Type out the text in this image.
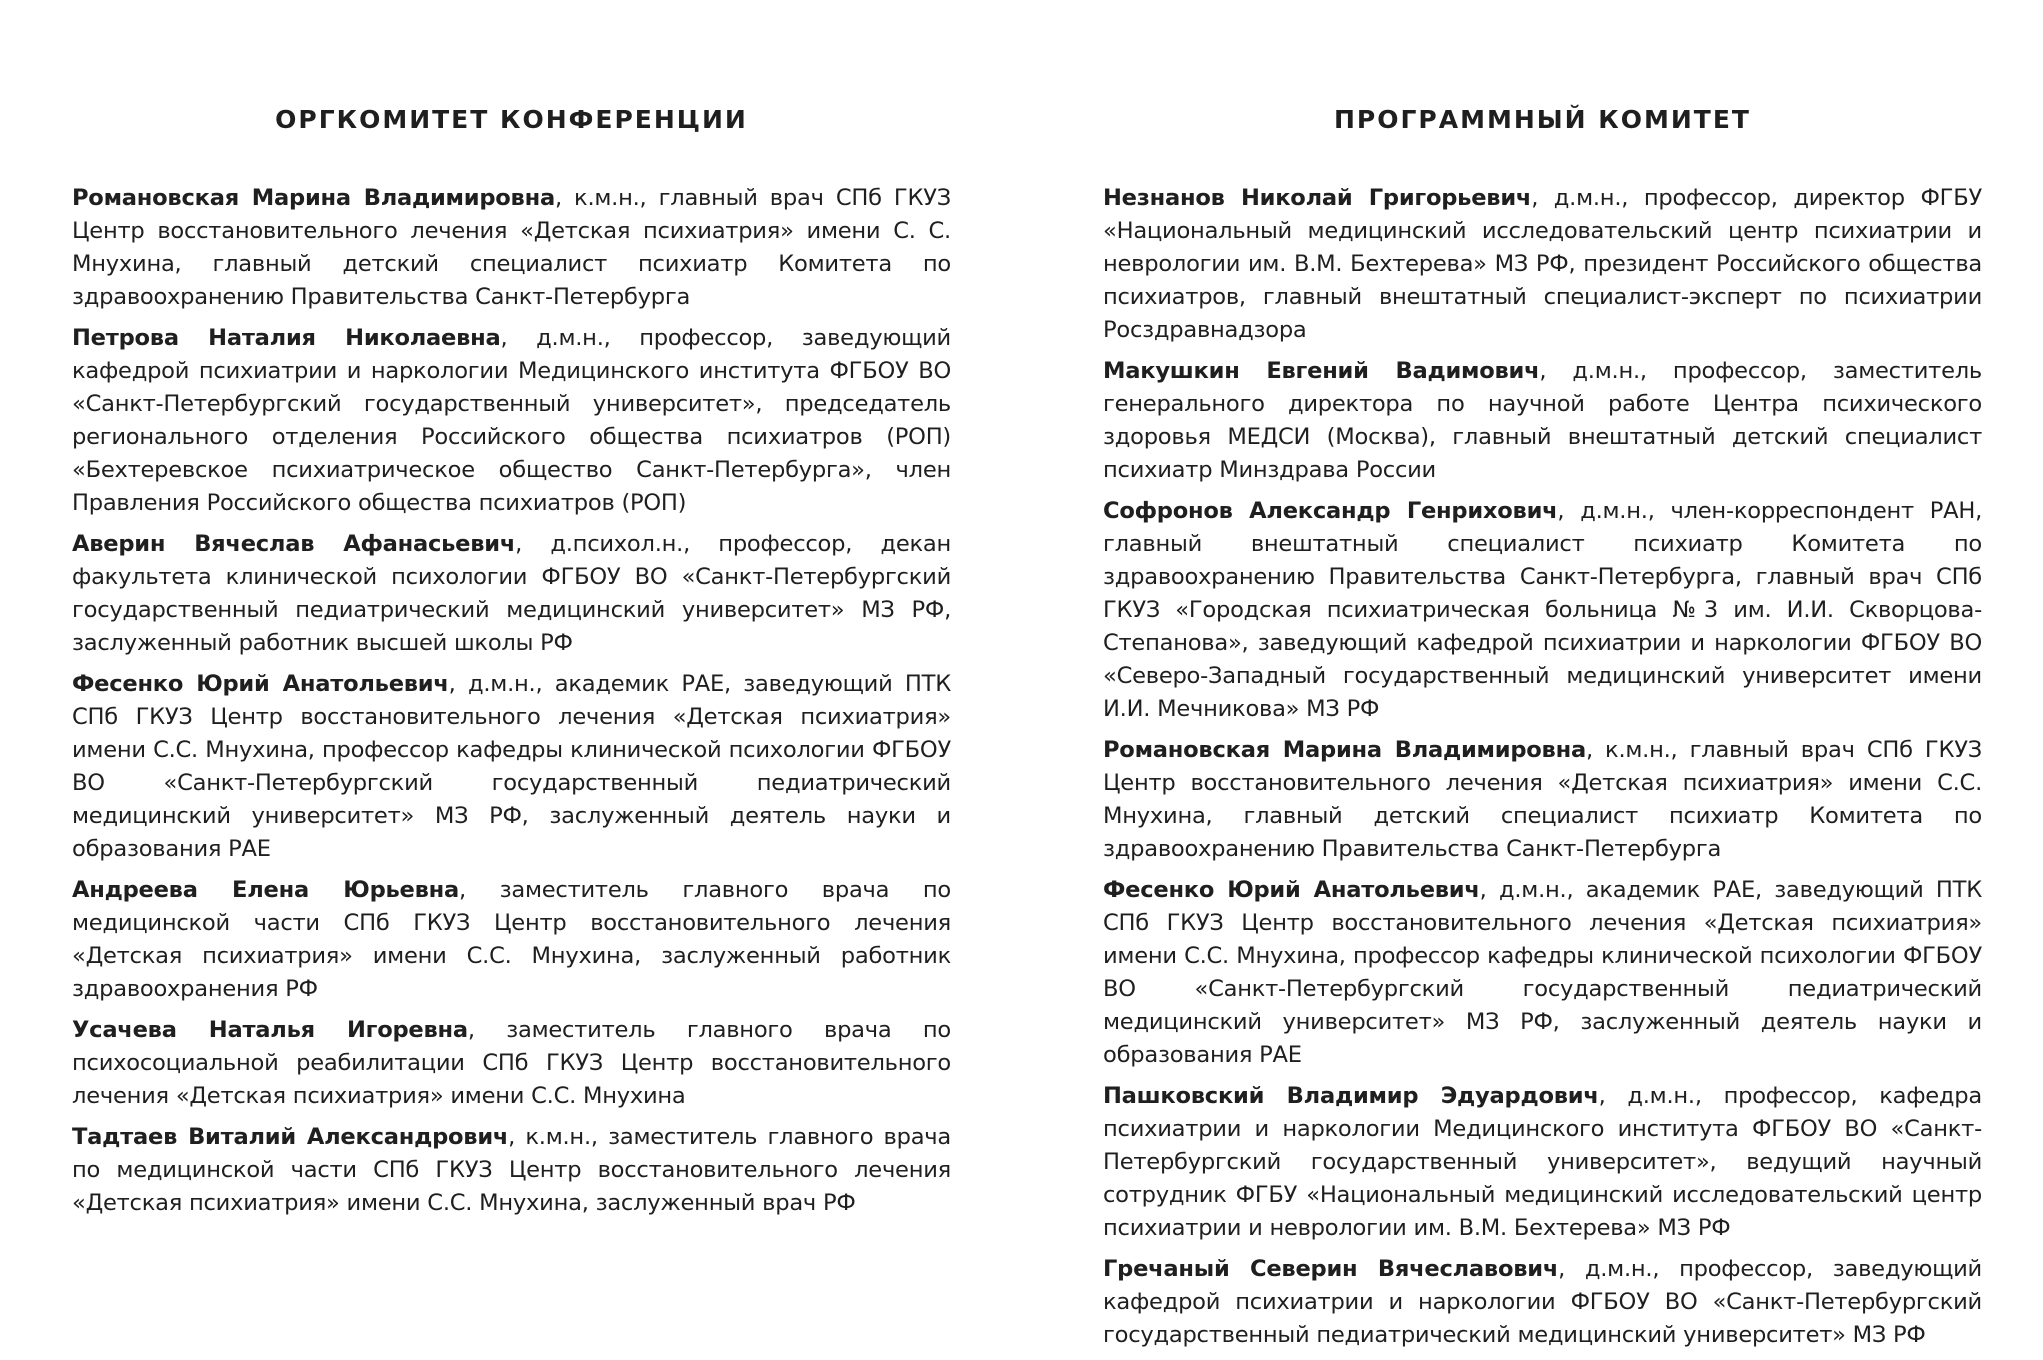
ОРГКОМИТЕТ КОНФЕРЕНЦИИ

Романовская Марина Владимировна, к.м.н., главный врач СПб ГКУЗ Центр восстановительного лечения «Детская психиатрия» имени С. С. Мнухина, главный детский специалист психиатр Комитета по здравоохранению Правительства Санкт-Петербурга

Петрова Наталия Николаевна, д.м.н., профессор, заведующий кафедрой психиатрии и наркологии Медицинского института ФГБОУ ВО «Санкт-Петербургский государственный университет», председатель регионального отделения Российского общества психиатров (РОП) «Бехтеревское психиатрическое общество Санкт-Петербурга», член Правления Российского общества психиатров (РОП)

Аверин Вячеслав Афанасьевич, д.психол.н., профессор, декан факультета клинической психологии ФГБОУ ВО «Санкт-Петербургский государственный педиатрический медицинский университет» МЗ РФ, заслуженный работник высшей школы РФ

Фесенко Юрий Анатольевич, д.м.н., академик РАЕ, заведующий ПТК СПб ГКУЗ Центр восстановительного лечения «Детская психиатрия» имени С.С. Мнухина, профессор кафедры клинической психологии ФГБОУ ВО «Санкт-Петербургский государственный педиатрический медицинский университет» МЗ РФ, заслуженный деятель науки и образования РАЕ

Андреева Елена Юрьевна, заместитель главного врача по медицинской части СПб ГКУЗ Центр восстановительного лечения «Детская психиатрия» имени С.С. Мнухина, заслуженный работник здравоохранения РФ

Усачева Наталья Игоревна, заместитель главного врача по психосоциальной реабилитации СПб ГКУЗ Центр восстановительного лечения «Детская психиатрия» имени С.С. Мнухина

Тадтаев Виталий Александрович, к.м.н., заместитель главного врача по медицинской части СПб ГКУЗ Центр восстановительного лечения «Детская психиатрия» имени С.С. Мнухина, заслуженный врач РФ

ПРОГРАММНЫЙ КОМИТЕТ

Незнанов Николай Григорьевич, д.м.н., профессор, директор ФГБУ «Национальный медицинский исследовательский центр психиатрии и неврологии им. В.М. Бехтерева» МЗ РФ, президент Российского общества психиатров, главный внештатный специалист-эксперт по психиатрии Росздравнадзора

Макушкин Евгений Вадимович, д.м.н., профессор, заместитель генерального директора по научной работе Центра психического здоровья МЕДСИ (Москва), главный внештатный детский специалист психиатр Минздрава России

Софронов Александр Генрихович, д.м.н., член-корреспондент РАН, главный внештатный специалист психиатр Комитета по здравоохранению Правительства Санкт-Петербурга, главный врач СПб ГКУЗ «Городская психиатрическая больница №3 им. И.И. Скворцова-Степанова», заведующий кафедрой психиатрии и наркологии ФГБОУ ВО «Северо-Западный государственный медицинский университет имени И.И. Мечникова» МЗ РФ

Романовская Марина Владимировна, к.м.н., главный врач СПб ГКУЗ Центр восстановительного лечения «Детская психиатрия» имени С.С. Мнухина, главный детский специалист психиатр Комитета по здравоохранению Правительства Санкт-Петербурга

Фесенко Юрий Анатольевич, д.м.н., академик РАЕ, заведующий ПТК СПб ГКУЗ Центр восстановительного лечения «Детская психиатрия» имени С.С. Мнухина, профессор кафедры клинической психологии ФГБОУ ВО «Санкт-Петербургский государственный педиатрический медицинский университет» МЗ РФ, заслуженный деятель науки и образования РАЕ

Пашковский Владимир Эдуардович, д.м.н., профессор, кафедра психиатрии и наркологии Медицинского института ФГБОУ ВО «Санкт-Петербургский государственный университет», ведущий научный сотрудник ФГБУ «Национальный медицинский исследовательский центр психиатрии и неврологии им. В.М. Бехтерева» МЗ РФ

Гречаный Северин Вячеславович, д.м.н., профессор, заведующий кафедрой психиатрии и наркологии ФГБОУ ВО «Санкт-Петербургский государственный педиатрический медицинский университет» МЗ РФ
